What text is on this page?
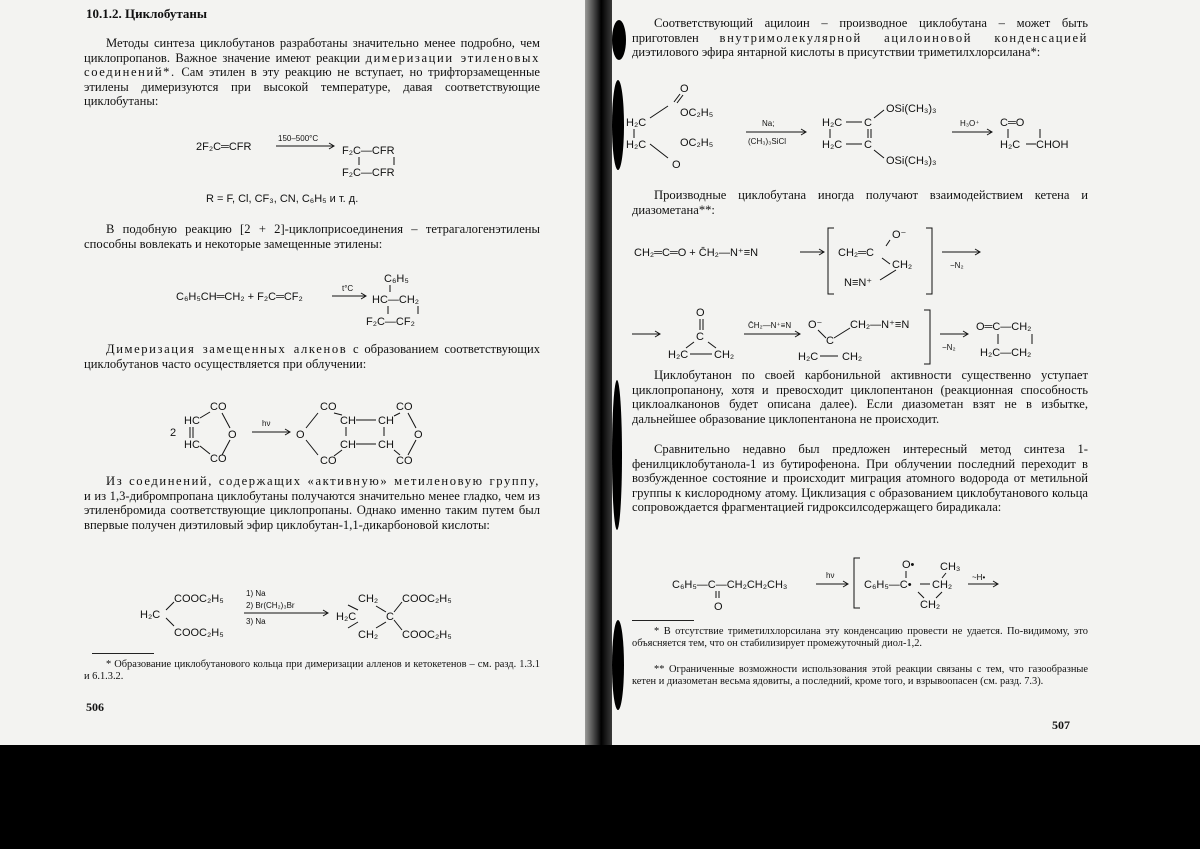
10.1.2. Циклобутаны

Методы синтеза циклобутанов разработаны значительно менее подробно, чем циклопропанов. Важное значение имеют реакции димеризации этиленовых соединений*. Сам этилен в эту реакцию не вступает, но трифторзамещенные этилены димеризуются при высокой температуре, давая соответствующие циклобутаны:

2F₂C═CFR
150–500°C
F₂C—CFR
F₂C—CFR
R = F, Cl, CF₃, CN, C₆H₅ и т. д.

В подобную реакцию [2 + 2]-циклоприсоединения – тетрагалогенэтилены способны вовлекать и некоторые замещенные этилены:

C₆H₅CH═CH₂ + F₂C═CF₂
t°C
C₆H₅
HC—CH₂
F₂C—CF₂

Димеризация замещенных алкенов с образованием соответствующих циклобутанов часто осуществляется при облучении:

2
HC
HC
CO
CO
O
hν
O
CO
CO
CH CH
CH CH
CO
CO
O

Из соединений, содержащих «активную» метиленовую группу, и из 1,3-дибромпропана циклобутаны получаются значительно менее гладко, чем из этиленбромида соответствующие циклопропаны. Однако именно таким путем был впервые получен диэтиловый эфир циклобутан-1,1-дикарбоновой кислоты:

H₂C
COOC₂H₅
COOC₂H₅
1) Na
2) Br(CH₂)₃Br
3) Na
CH₂
H₂C	C
CH₂
COOC₂H₅
COOC₂H₅

* Образование циклобутанового кольца при димеризации алленов и кетокетенов – см. разд. 1.3.1 и 6.1.3.2.

506

Соответствующий ацилоин – производное циклобутана – может быть приготовлен внутримолекулярной ацилоиновой конденсацией диэтилового эфира янтарной кислоты в присутствии триметилхлорсилана*:

O
H₂C
H₂C
OC₂H₅
OC₂H₅
O
Na;
(CH₃)₃SiCl
H₂C
H₂C
C
C
OSi(CH₃)₃
OSi(CH₃)₃
H₃O⁺ C═O
H₂C CHOH

Производные циклобутана иногда получают взаимодействием кетена и диазометана**:

CH₂═C═O + C̄H₂—N⁺≡N	CH₂═C
O⁻
CH₂
N≡N⁺
−N₂
O
C
H₂C CH₂
C̄H₂—N⁺≡N O⁻
C
CH₂—N⁺≡N
H₂C CH₂
−N₂
O═C—CH₂
H₂C—CH₂

Циклобутанон по своей карбонильной активности существенно уступает циклопропанону, хотя и превосходит циклопентанон (реакционная способность циклоалканонов будет описана далее). Если диазометан взят не в избытке, дальнейшее образование циклопентанона не происходит.

Сравнительно недавно был предложен интересный метод синтеза 1-фенилциклобутанола-1 из бутирофенона. При облучении последний переходит в возбужденное состояние и происходит миграция атомного водорода от метильной группы к кислородному атому. Циклизация с образованием циклобутанового кольца сопровождается фрагментацией гидроксилсодержащего бирадикала:

C₆H₅—C—CH₂CH₂CH₃
O
hν
O•
C₆H₅—C•
CH₃
CH₂
CH₂
~H•

* В отсутствие триметилхлорсилана эту конденсацию провести не удается. По-видимому, это объясняется тем, что он стабилизирует промежуточный диол-1,2.

** Ограниченные возможности использования этой реакции связаны с тем, что газообразные кетен и диазометан весьма ядовиты, а последний, кроме того, и взрывоопасен (см. разд. 7.3).

507
